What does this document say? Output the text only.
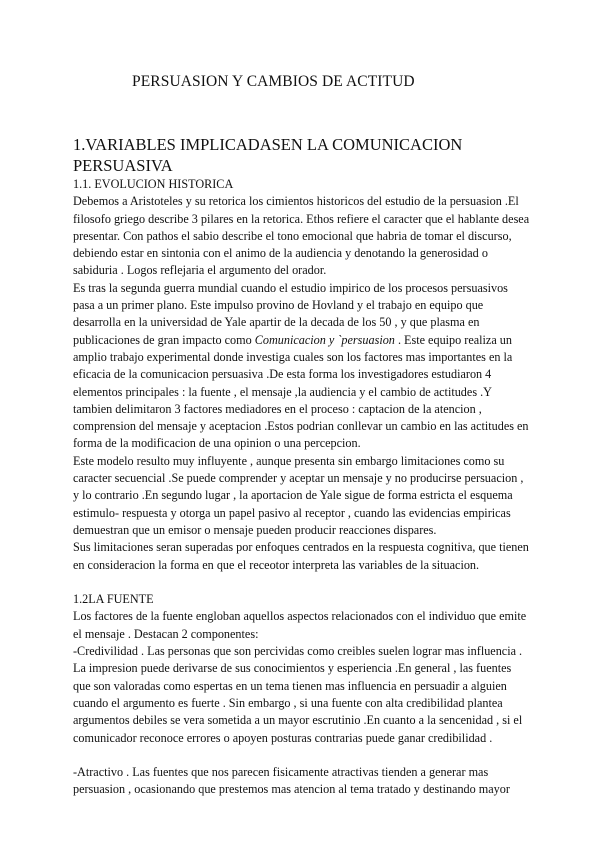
PERSUASION Y CAMBIOS DE ACTITUD
1.VARIABLES IMPLICADASEN LA COMUNICACION PERSUASIVA

1.1. EVOLUCION HISTORICA

Debemos a Aristoteles y su retorica los cimientos historicos del estudio de la persuasion .El filosofo griego describe 3 pilares en la retorica. Ethos refiere el caracter que el hablante desea presentar. Con pathos el sabio describe el tono emocional que habria de tomar el discurso, debiendo estar en sintonia con el animo de la audiencia y denotando la generosidad o sabiduria . Logos reflejaria el argumento del orador.

Es tras la segunda guerra mundial cuando el estudio impirico de los procesos persuasivos pasa a un primer plano. Este impulso provino de Hovland y el trabajo en equipo que desarrolla en la universidad de Yale apartir de la decada de los 50 , y que plasma en publicaciones de gran impacto como Comunicacion y `persuasion . Este equipo realiza un amplio trabajo experimental donde investiga cuales son los factores mas importantes en la eficacia de la comunicacion persuasiva .De esta forma los investigadores estudiaron 4 elementos principales : la fuente , el mensaje ,la audiencia y el cambio de actitudes .Y tambien delimitaron 3 factores mediadores en el proceso : captacion de la atencion , comprension del mensaje y aceptacion .Estos podrian conllevar un cambio en las actitudes en forma de la modificacion de una opinion o una percepcion.

Este modelo resulto muy influyente , aunque presenta sin embargo limitaciones como su caracter secuencial .Se puede comprender y aceptar un mensaje y no producirse persuacion , y lo contrario .En segundo lugar , la aportacion de Yale sigue de forma estricta el esquema estimulo- respuesta y otorga un papel pasivo al receptor , cuando las evidencias empiricas demuestran que un emisor o mensaje pueden producir reacciones dispares.

Sus limitaciones seran superadas por enfoques centrados en la respuesta cognitiva, que tienen en consideracion la forma en que el receotor interpreta las variables de la situacion.

1.2LA FUENTE

Los factores de la fuente engloban aquellos aspectos relacionados con el individuo que emite el mensaje . Destacan 2 componentes:

-Credivilidad . Las personas que son percividas como creibles suelen lograr mas influencia . La impresion puede derivarse de sus conocimientos y esperiencia .En general , las fuentes que son valoradas como espertas en un tema tienen mas influencia en persuadir a alguien cuando el argumento es fuerte . Sin embargo , si una fuente con alta credibilidad plantea argumentos debiles se vera sometida a un mayor escrutinio .En cuanto a la sencenidad , si el comunicador reconoce errores o apoyen posturas contrarias puede ganar credibilidad .

-Atractivo . Las fuentes que nos parecen fisicamente atractivas tienden a generar mas persuasion , ocasionando que prestemos mas atencion al tema tratado y destinando mayor
